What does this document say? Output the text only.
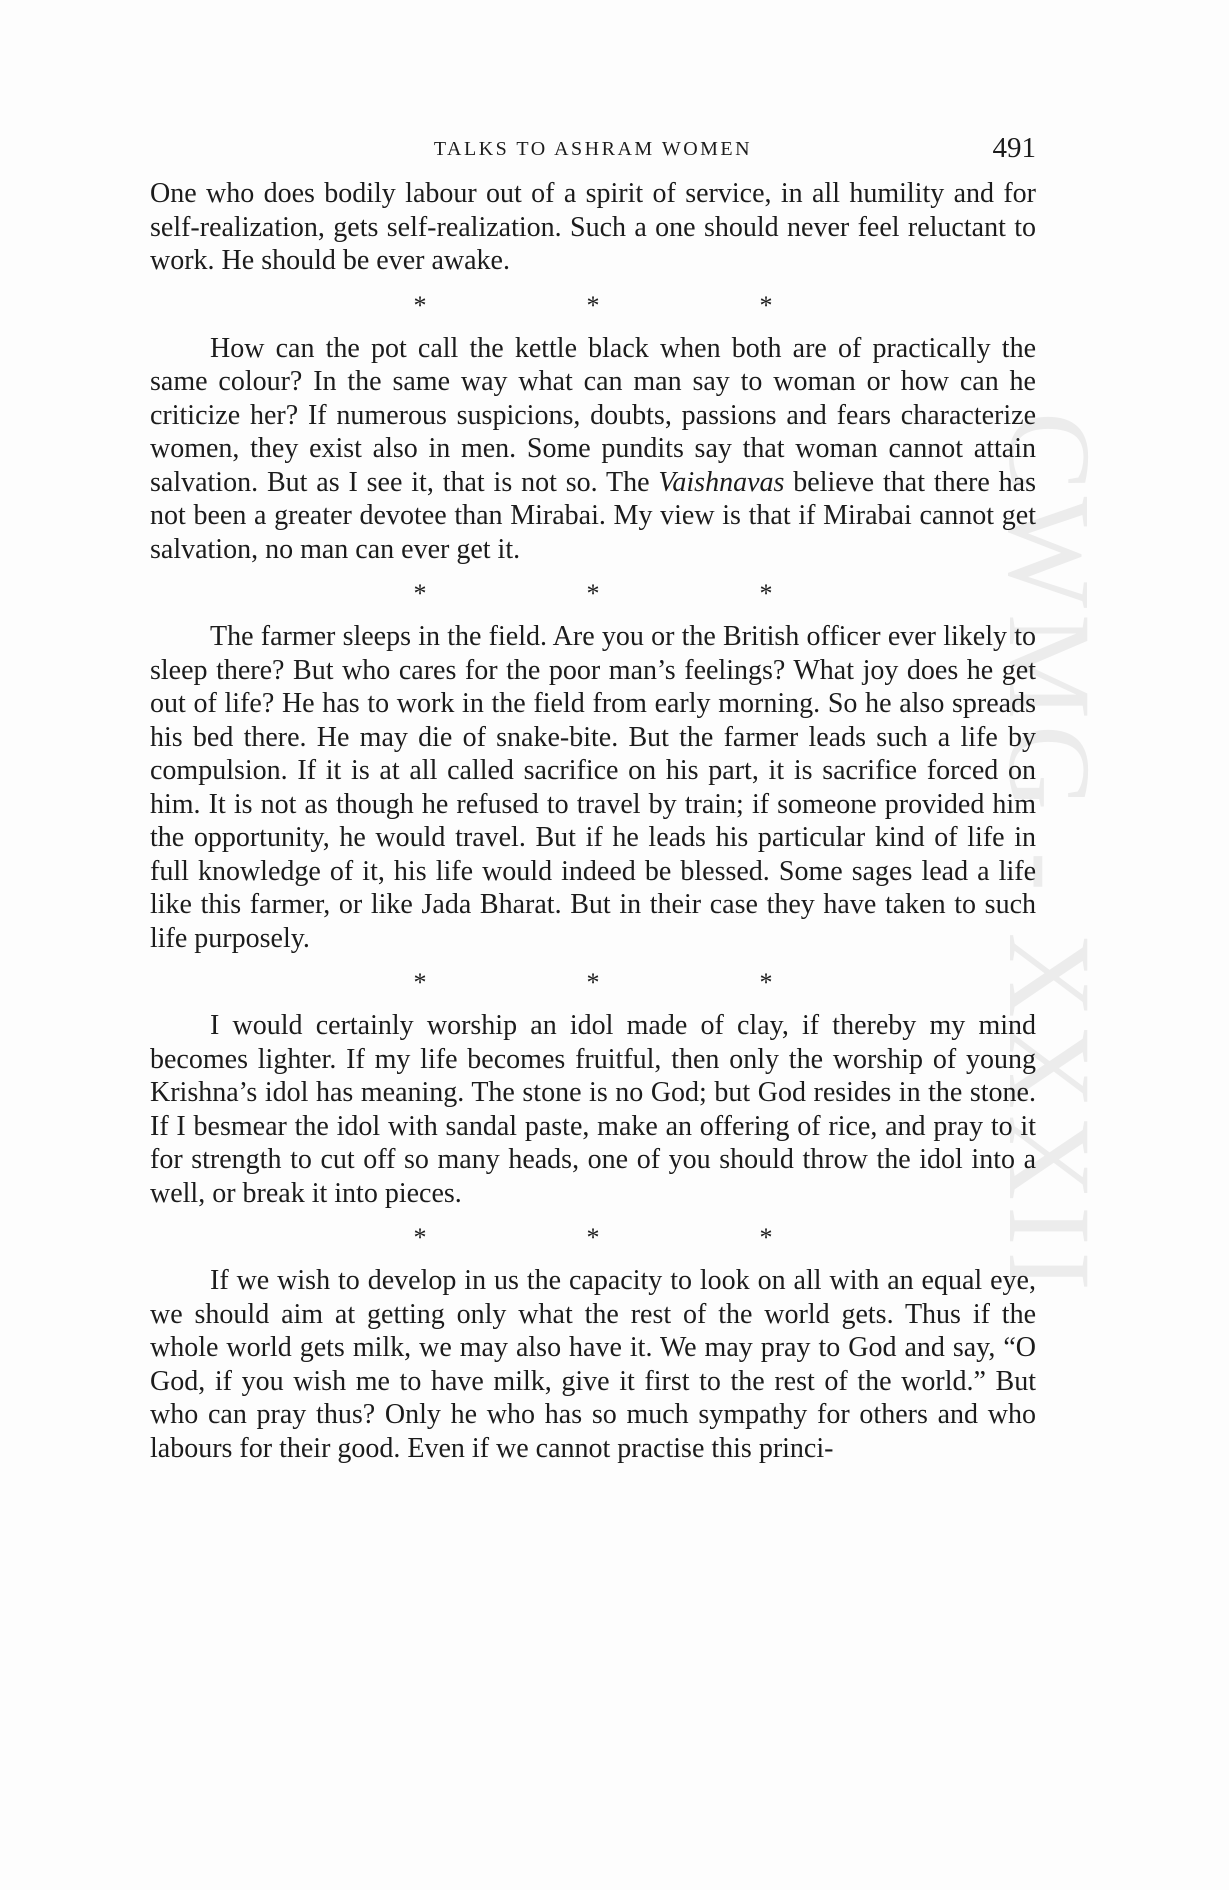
CWMG - XXXII
TALKS TO ASHRAM WOMEN	491

One who does bodily labour out of a spirit of service, in all humility and for self-realization, gets self-realization. Such a one should never feel reluctant to work. He should be ever awake.

*	*	*

How can the pot call the kettle black when both are of practically the same colour? In the same way what can man say to woman or how can he criticize her? If numerous suspicions, doubts, passions and fears characterize women, they exist also in men. Some pundits say that woman cannot attain salvation. But as I see it, that is not so. The Vaishnavas believe that there has not been a greater devotee than Mirabai. My view is that if Mirabai cannot get salvation, no man can ever get it.

*	*	*

The farmer sleeps in the field. Are you or the British officer ever likely to sleep there? But who cares for the poor man’s feelings? What joy does he get out of life? He has to work in the field from early morning. So he also spreads his bed there. He may die of snake-bite. But the farmer leads such a life by compulsion. If it is at all called sacrifice on his part, it is sacrifice forced on him. It is not as though he refused to travel by train; if someone provided him the opportunity, he would travel. But if he leads his particular kind of life in full knowledge of it, his life would indeed be blessed. Some sages lead a life like this farmer, or like Jada Bharat. But in their case they have taken to such life purposely.

*	*	*

I would certainly worship an idol made of clay, if thereby my mind becomes lighter. If my life becomes fruitful, then only the worship of young Krishna’s idol has meaning. The stone is no God; but God resides in the stone. If I besmear the idol with sandal paste, make an offering of rice, and pray to it for strength to cut off so many heads, one of you should throw the idol into a well, or break it into pieces.

*	*	*

If we wish to develop in us the capacity to look on all with an equal eye, we should aim at getting only what the rest of the world gets. Thus if the whole world gets milk, we may also have it. We may pray to God and say, “O God, if you wish me to have milk, give it first to the rest of the world.” But who can pray thus? Only he who has so much sympathy for others and who labours for their good. Even if we cannot practise this princi-
